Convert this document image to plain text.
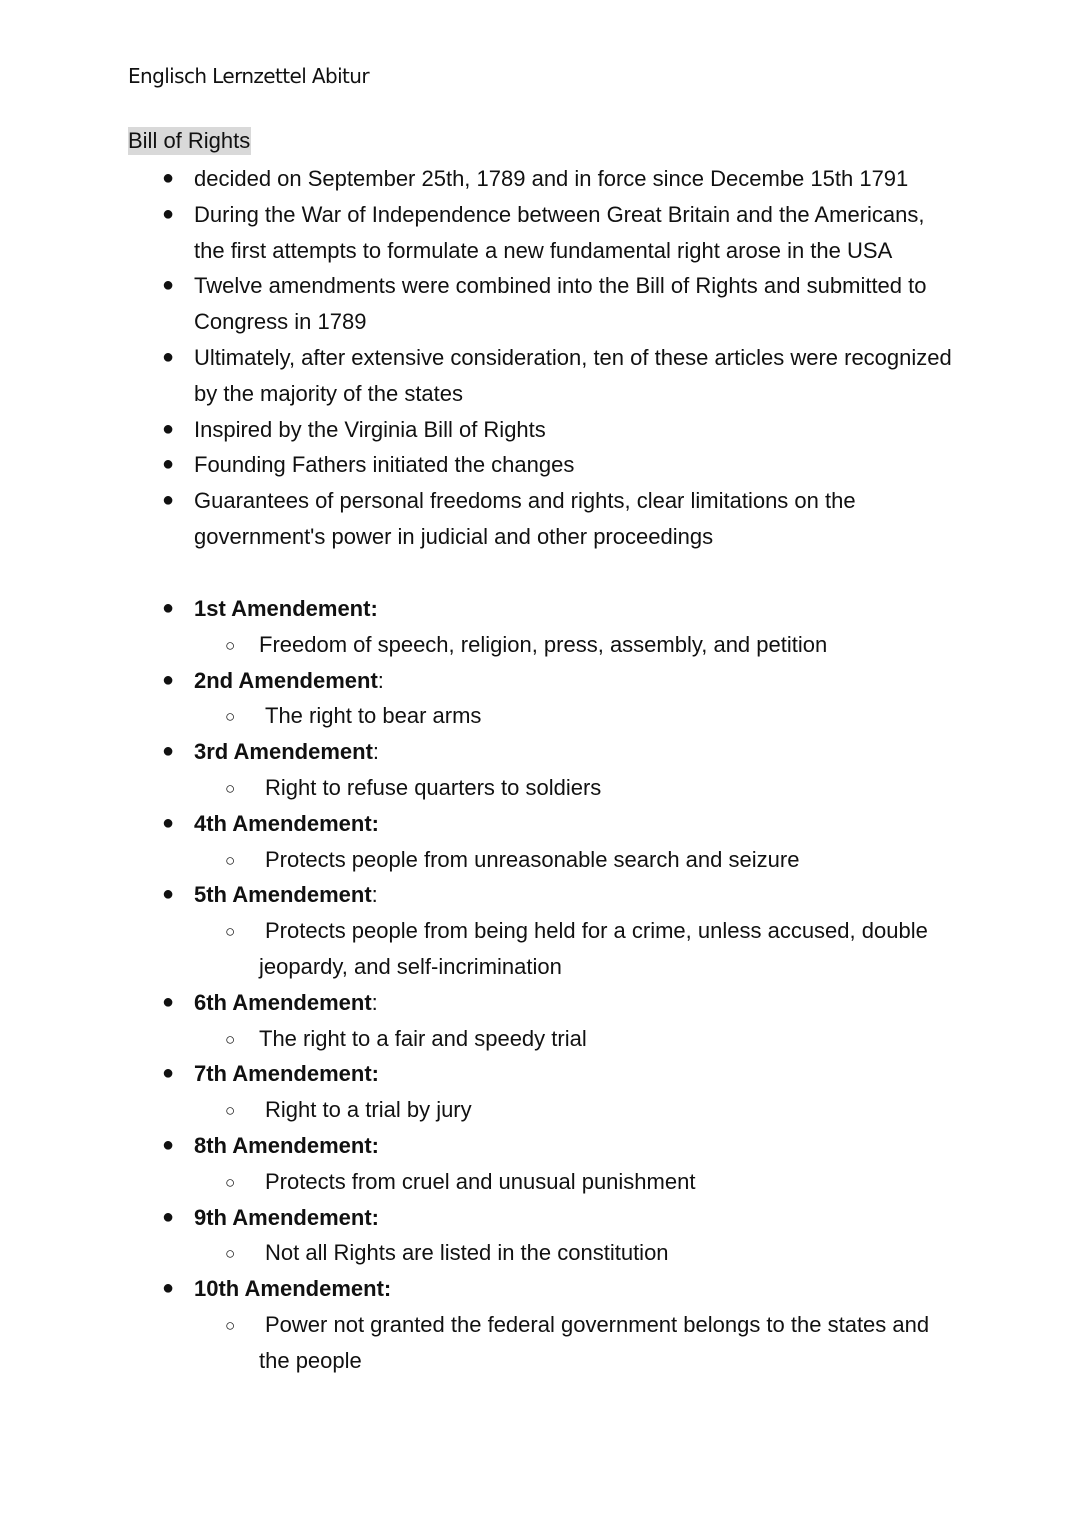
Englisch Lernzettel Abitur
Bill of Rights
● decided on September 25th, 1789 and in force since Decembe 15th 1791
● During the War of Independence between Great Britain and the Americans, the first attempts to formulate a new fundamental right arose in the USA
● Twelve amendments were combined into the Bill of Rights and submitted to Congress in 1789
● Ultimately, after extensive consideration, ten of these articles were recognized by the majority of the states
● Inspired by the Virginia Bill of Rights
● Founding Fathers initiated the changes
● Guarantees of personal freedoms and rights, clear limitations on the government's power in judicial and other proceedings
● 1st Amendement:
○ Freedom of speech, religion, press, assembly, and petition
● 2nd Amendement:
○ The right to bear arms
● 3rd Amendement:
○ Right to refuse quarters to soldiers
● 4th Amendement:
○ Protects people from unreasonable search and seizure
● 5th Amendement:
○ Protects people from being held for a crime, unless accused, double jeopardy, and self-incrimination
● 6th Amendement:
○ The right to a fair and speedy trial
● 7th Amendement:
○ Right to a trial by jury
● 8th Amendement:
○ Protects from cruel and unusual punishment
● 9th Amendement:
○ Not all Rights are listed in the constitution
● 10th Amendement:
○ Power not granted the federal government belongs to the states and the people
